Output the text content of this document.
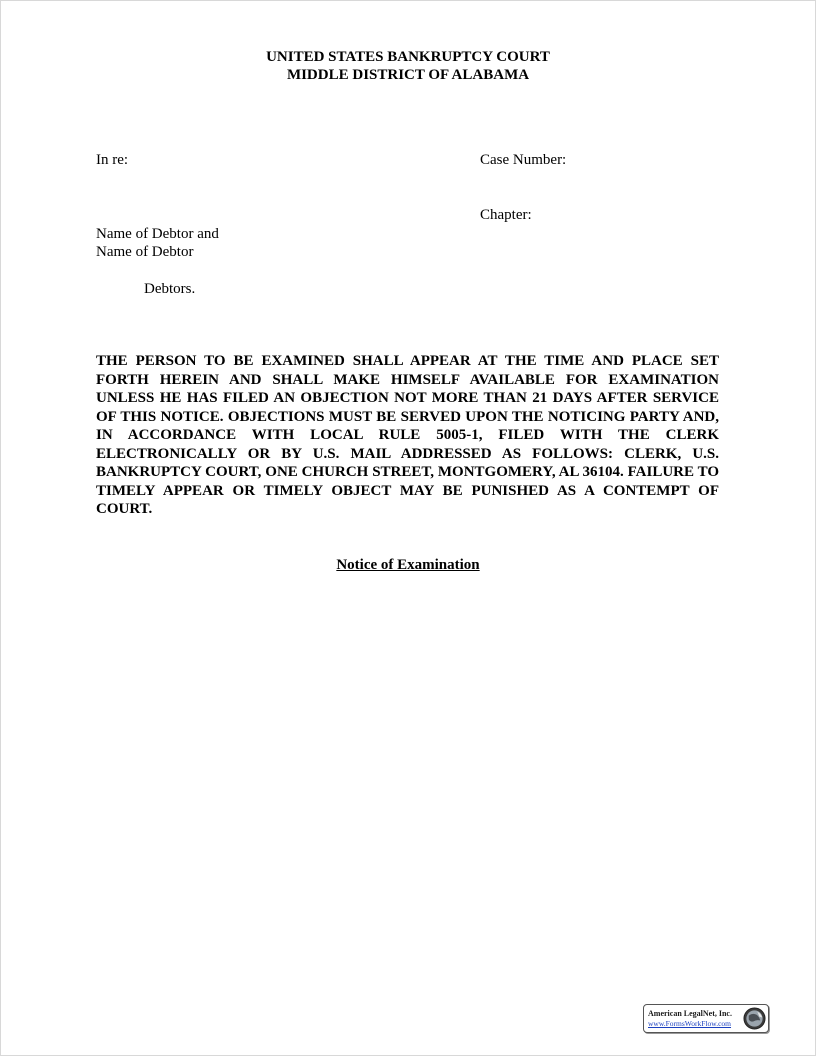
UNITED STATES BANKRUPTCY COURT
MIDDLE DISTRICT OF ALABAMA
In re:	Case Number:
Chapter:
Name of Debtor and
Name of Debtor
Debtors.
THE PERSON TO BE EXAMINED SHALL APPEAR AT THE TIME AND PLACE SET FORTH HEREIN AND SHALL MAKE HIMSELF AVAILABLE FOR EXAMINATION UNLESS HE HAS FILED AN OBJECTION NOT MORE THAN 21 DAYS AFTER SERVICE OF THIS NOTICE. OBJECTIONS MUST BE SERVED UPON THE NOTICING PARTY AND, IN ACCORDANCE WITH LOCAL RULE 5005-1, FILED WITH THE CLERK ELECTRONICALLY OR BY U.S. MAIL ADDRESSED AS FOLLOWS: CLERK, U.S. BANKRUPTCY COURT, ONE CHURCH STREET, MONTGOMERY, AL 36104. FAILURE TO TIMELY APPEAR OR TIMELY OBJECT MAY BE PUNISHED AS A CONTEMPT OF COURT.
Notice of Examination
American LegalNet, Inc.
www.FormsWorkFlow.com
